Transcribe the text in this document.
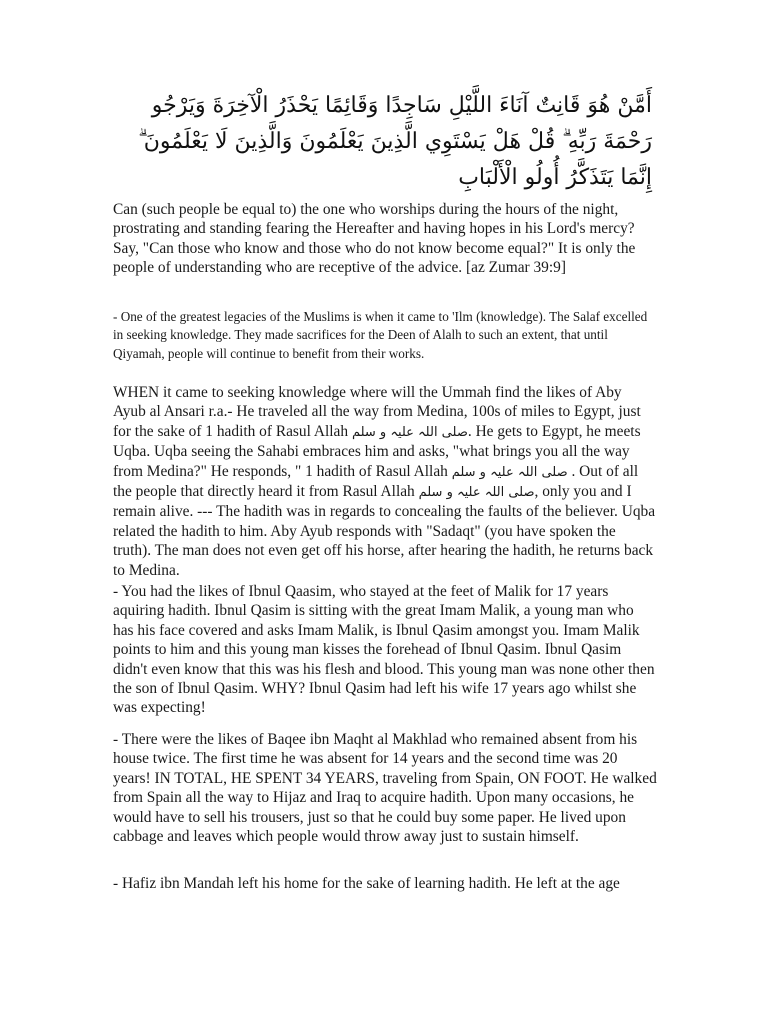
أَمَّنْ هُوَ قَانِتٌ آنَاءَ اللَّيْلِ سَاجِدًا وَقَائِمًا يَحْذَرُ الْآخِرَةَ وَيَرْجُو رَحْمَةَ رَبِّهِ ۗ قُلْ هَلْ يَسْتَوِي الَّذِينَ يَعْلَمُونَ وَالَّذِينَ لَا يَعْلَمُونَ ۗ إِنَّمَا يَتَذَكَّرُ أُولُو الْأَلْبَابِ
Can (such people be equal to) the one who worships during the hours of the night, prostrating and standing fearing the Hereafter and having hopes in his Lord's mercy? Say, "Can those who know and those who do not know become equal?" It is only the people of understanding who are receptive of the advice. [az Zumar 39:9]
- One of the greatest legacies of the Muslims is when it came to 'Ilm (knowledge). The Salaf excelled in seeking knowledge. They made sacrifices for the Deen of Alalh to such an extent, that until Qiyamah, people will continue to benefit from their works.
WHEN it came to seeking knowledge where will the Ummah find the likes of Aby Ayub al Ansari r.a.- He traveled all the way from Medina, 100s of miles to Egypt, just for the sake of 1 hadith of Rasul Allah صلی اللہ علیہ و سلم. He gets to Egypt, he meets Uqba. Uqba seeing the Sahabi embraces him and asks, "what brings you all the way from Medina?" He responds, " 1 hadith of Rasul Allah صلی اللہ علیہ و سلم . Out of all the people that directly heard it from Rasul Allah صلی اللہ علیہ و سلم, only you and I remain alive. --- The hadith was in regards to concealing the faults of the believer. Uqba related the hadith to him. Aby Ayub responds with "Sadaqt" (you have spoken the truth). The man does not even get off his horse, after hearing the hadith, he returns back to Medina.
- You had the likes of Ibnul Qaasim, who stayed at the feet of Malik for 17 years aquiring hadith. Ibnul Qasim is sitting with the great Imam Malik, a young man who has his face covered and asks Imam Malik, is Ibnul Qasim amongst you. Imam Malik points to him and this young man kisses the forehead of Ibnul Qasim. Ibnul Qasim didn't even know that this was his flesh and blood. This young man was none other then the son of Ibnul Qasim. WHY? Ibnul Qasim had left his wife 17 years ago whilst she was expecting!
- There were the likes of Baqee ibn Maqht al Makhlad who remained absent from his house twice. The first time he was absent for 14 years and the second time was 20 years! IN TOTAL, HE SPENT 34 YEARS, traveling from Spain, ON FOOT. He walked from Spain all the way to Hijaz and Iraq to acquire hadith. Upon many occasions, he would have to sell his trousers, just so that he could buy some paper. He lived upon cabbage and leaves which people would throw away just to sustain himself.
- Hafiz ibn Mandah left his home for the sake of learning hadith. He left at the age
